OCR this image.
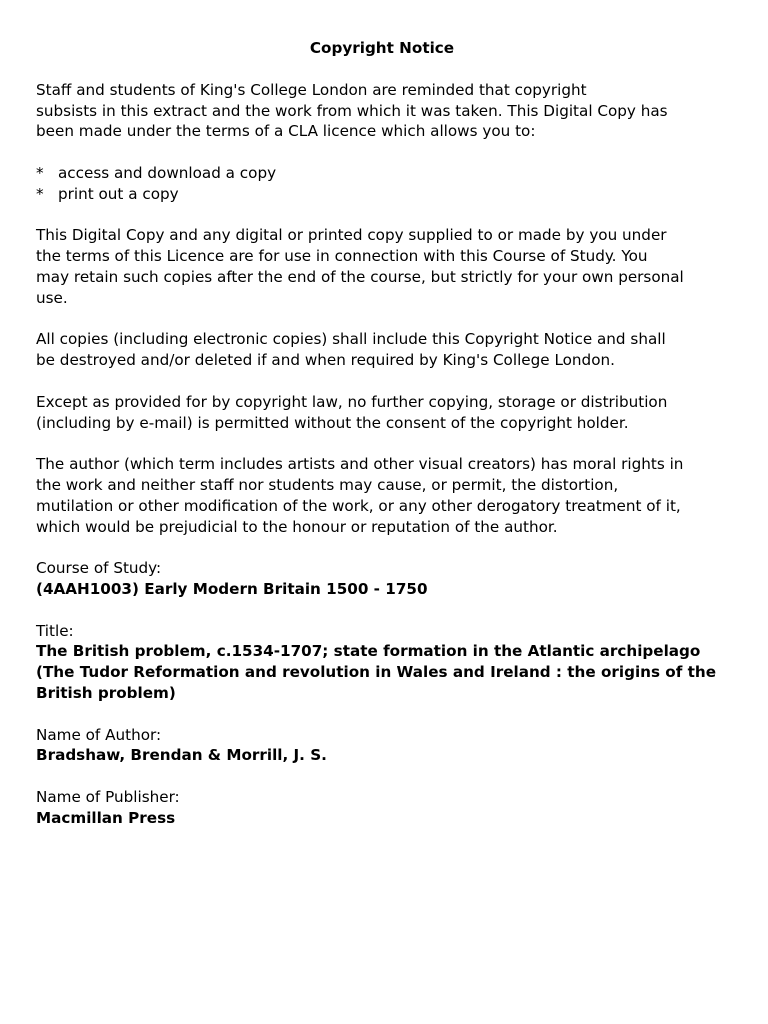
Copyright Notice

Staff and students of King's College London are reminded that copyright
subsists in this extract and the work from which it was taken. This Digital Copy has
been made under the terms of a CLA licence which allows you to:

* access and download a copy
* print out a copy

This Digital Copy and any digital or printed copy supplied to or made by you under
the terms of this Licence are for use in connection with this Course of Study. You
may retain such copies after the end of the course, but strictly for your own personal
use.

All copies (including electronic copies) shall include this Copyright Notice and shall
be destroyed and/or deleted if and when required by King's College London.

Except as provided for by copyright law, no further copying, storage or distribution
(including by e-mail) is permitted without the consent of the copyright holder.

The author (which term includes artists and other visual creators) has moral rights in
the work and neither staff nor students may cause, or permit, the distortion,
mutilation or other modification of the work, or any other derogatory treatment of it,
which would be prejudicial to the honour or reputation of the author.

Course of Study:
(4AAH1003) Early Modern Britain 1500 - 1750
Title:
The British problem, c.1534-1707; state formation in the Atlantic archipelago
(The Tudor Reformation and revolution in Wales and Ireland : the origins of the
British problem)
Name of Author:
Bradshaw, Brendan & Morrill, J. S.
Name of Publisher:
Macmillan Press
